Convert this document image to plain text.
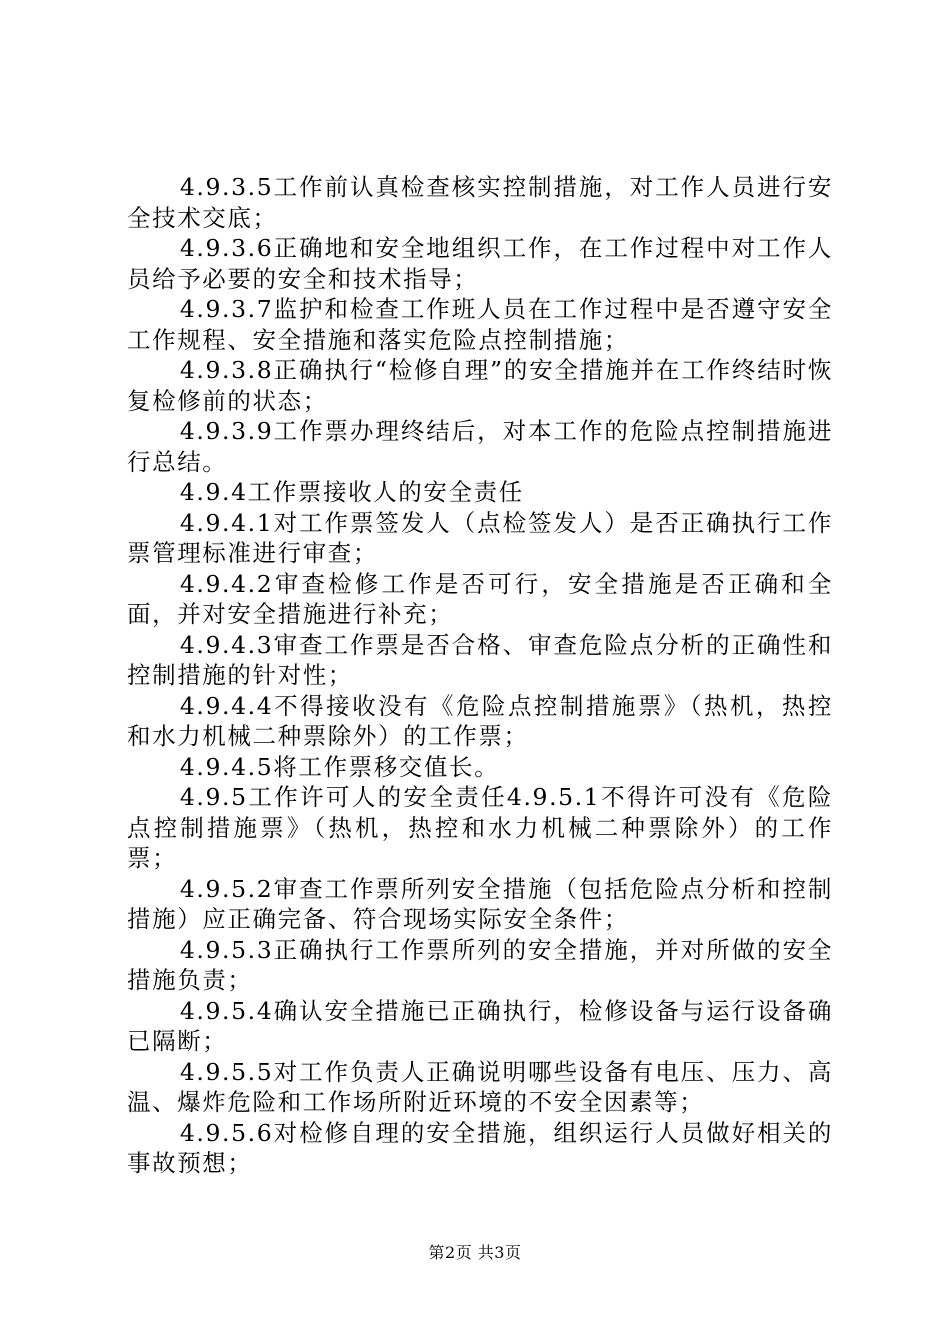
4.9.3.5工作前认真检查核实控制措施，对工作人员进行安全技术交底；

4.9.3.6正确地和安全地组织工作，在工作过程中对工作人员给予必要的安全和技术指导；

4.9.3.7监护和检查工作班人员在工作过程中是否遵守安全工作规程、安全措施和落实危险点控制措施；

4.9.3.8正确执行“检修自理”的安全措施并在工作终结时恢复检修前的状态；

4.9.3.9工作票办理终结后，对本工作的危险点控制措施进行总结。

4.9.4工作票接收人的安全责任

4.9.4.1对工作票签发人（点检签发人）是否正确执行工作票管理标准进行审查；

4.9.4.2审查检修工作是否可行，安全措施是否正确和全面，并对安全措施进行补充；

4.9.4.3审查工作票是否合格、审查危险点分析的正确性和控制措施的针对性；

4.9.4.4不得接收没有《危险点控制措施票》（热机，热控和水力机械二种票除外）的工作票；

4.9.4.5将工作票移交值长。

4.9.5工作许可人的安全责任4.9.5.1不得许可没有《危险点控制措施票》（热机，热控和水力机械二种票除外）的工作票；

4.9.5.2审查工作票所列安全措施（包括危险点分析和控制措施）应正确完备、符合现场实际安全条件；

4.9.5.3正确执行工作票所列的安全措施，并对所做的安全措施负责；

4.9.5.4确认安全措施已正确执行，检修设备与运行设备确已隔断；

4.9.5.5对工作负责人正确说明哪些设备有电压、压力、高温、爆炸危险和工作场所附近环境的不安全因素等；

4.9.5.6对检修自理的安全措施，组织运行人员做好相关的事故预想；

第2页 共3页
